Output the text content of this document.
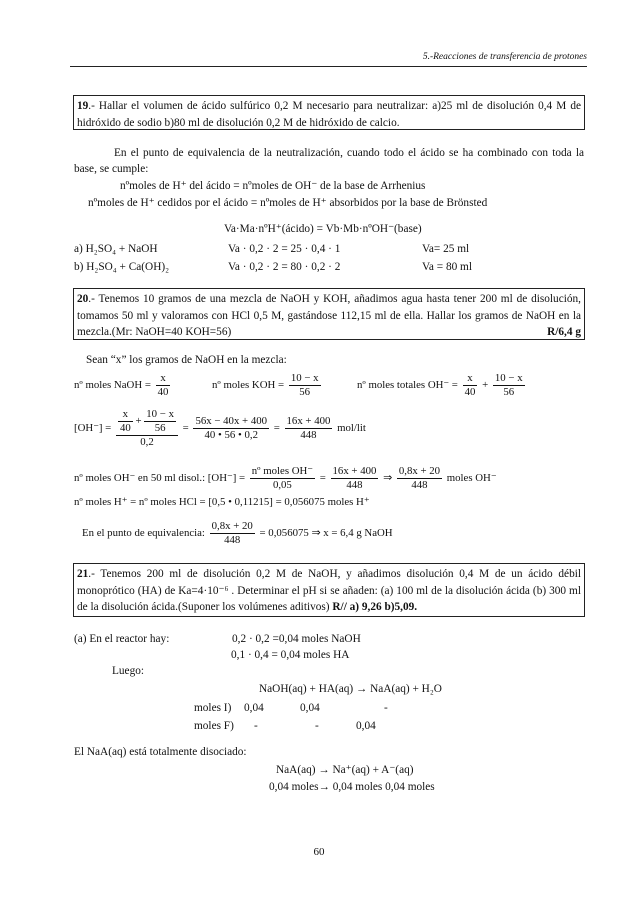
5.-Reacciones de transferencia de protones
19.- Hallar el volumen de ácido sulfúrico 0,2 M necesario para neutralizar: a)25 ml de disolución 0,4 M de hidróxido de sodio b)80 ml de disolución 0,2 M de hidróxido de calcio.
En el punto de equivalencia de la neutralización, cuando todo el ácido se ha combinado con toda la base, se cumple:
nºmoles de H⁺ del ácido = nºmoles de OH⁻ de la base de Arrhenius
nºmoles de H⁺ cedidos por el ácido = nºmoles de H⁺ absorbidos por la base de Brönsted
Va·Ma·nºH⁺(ácido) = Vb·Mb·nºOH⁻(base)
a) H₂SO₄ + NaOH	Va · 0,2 · 2 = 25 · 0,4 · 1	Va= 25 ml
b) H₂SO₄ + Ca(OH)₂	Va · 0,2 · 2 = 80 · 0,2 · 2	Va = 80 ml
20.- Tenemos 10 gramos de una mezcla de NaOH y KOH, añadimos agua hasta tener 200 ml de disolución, tomamos 50 ml y valoramos con HCl 0,5 M, gastándose 112,15 ml de ella. Hallar los gramos de NaOH en la mezcla.(Mr: NaOH=40 KOH=56)	R/6,4 g
Sean “x” los gramos de NaOH en la mezcla:
nº moles NaOH = $\frac{x}{40}$	nº moles KOH = $\frac{10 - x}{56}$	nº moles totales $OH^- = \frac{x}{40} + \frac{10 - x}{56}$
$[OH^-] = \frac{\frac{x}{40} + \frac{10 - x}{56}}{0,2} = \frac{56x - 40x + 400}{40 • 56 • 0,2} = \frac{16x + 400}{448} mol/lit$
nº moles OH⁻ en 50 ml disol.: $[OH^-] = \frac{\text{nº moles OH⁻}}{0,05} = \frac{16x + 400}{448}$ ⇒ $\frac{0,8x + 20}{448}$ moles OH⁻
nº moles H⁺ = nº moles HCl = [0,5 • 0,11215] = 0,056075 moles H⁺
En el punto de equivalencia: $\frac{0,8x + 20}{448} = 0,056075$ ⇒ x = 6,4 g NaOH
21.- Tenemos 200 ml de disolución 0,2 M de NaOH, y añadimos disolución 0,4 M de un ácido débil monoprótico (HA) de Ka=4·10⁻⁶ . Determinar el pH si se añaden: (a) 100 ml de la disolución ácida (b) 300 ml de la disolución ácida.(Suponer los volúmenes aditivos) R// a) 9,26 b)5,09.
(a) En el reactor hay:	0,2 · 0,2 =0,04 moles NaOH
0,1 · 0,4 = 0,04 moles HA
Luego:
NaOH(aq) + HA(aq) → NaA(aq) + H₂O
moles I) 0,04	0,04	-
moles F) -	-	0,04
El NaA(aq) está totalmente disociado:
NaA(aq) → Na⁺(aq) + A⁻(aq)
0,04 moles→ 0,04 moles 0,04 moles
60
